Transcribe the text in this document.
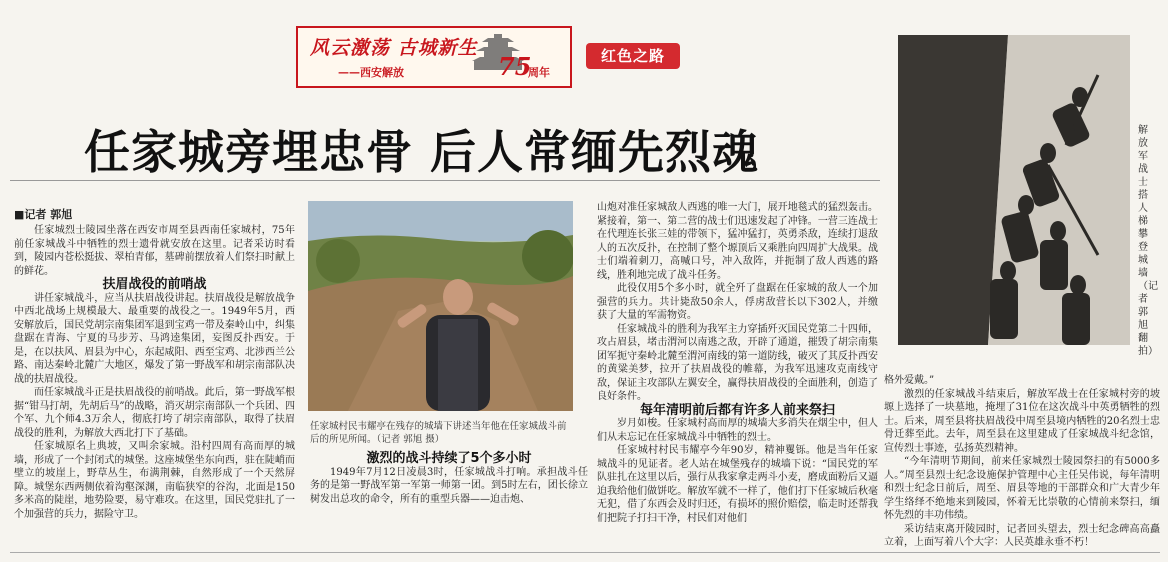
风云激荡 古城新生
——西安解放	75
周年
红色之路
任家城旁埋忠骨 后人常缅先烈魂
■记者 郭旭

任家城烈士陵园坐落在西安市周至县西南任家城村，75年前任家城战斗中牺牲的烈士遗骨就安放在这里。记者采访时看到，陵园内苍松挺拔、翠柏青郁，墓碑前摆放着人们祭扫时献上的鲜花。

扶眉战役的前哨战

讲任家城战斗，应当从扶眉战役讲起。扶眉战役是解放战争中西北战场上规模最大、最重要的战役之一。1949年5月，西安解放后，国民党胡宗南集团军退到宝鸡一带及秦岭山中，纠集盘踞在青海、宁夏的马步芳、马鸿逵集团，妄图反扑西安。于是，在以扶风、眉县为中心，东起咸阳、西至宝鸡、北涉西兰公路、南达秦岭北麓广大地区，爆发了第一野战军和胡宗南部队决战的扶眉战役。

而任家城战斗正是扶眉战役的前哨战。此后，第一野战军根据“钳马打胡，先胡后马”的战略，消灭胡宗南部队一个兵团、四个军、九个师4.3万余人，彻底打垮了胡宗南部队，取得了扶眉战役的胜利，为解放大西北打下了基础。

任家城原名上典坡，又叫余家城。沿村四周有高而厚的城墙，形成了一个封闭式的城堡。这座城堡坐东向西，驻在陡峭而壁立的坡崖上，野草丛生，布满荆棘，自然形成了一个天然屏障。城堡东西两侧依着沟壑深渊，南临狭窄的谷沟，北面是150多米高的陡崖，地势险要，易守难攻。在这里，国民党驻扎了一个加强营的兵力，据险守卫。

任家城村民韦耀亭在残存的城墙下讲述当年他在任家城战斗前后的所见所闻。（记者 郭旭 摄）

激烈的战斗持续了5个多小时

1949年7月12日凌晨3时，任家城战斗打响。承担战斗任务的是第一野战军第一军第一师第一团。到5时左右，团长徐立树发出总攻的命令，所有的重型兵器——迫击炮、

山炮对准任家城敌人西逃的唯一大门，展开地毯式的猛烈轰击。紧接着，第一、第二营的战士们迅速发起了冲锋。一营三连战士在代理连长张三娃的带领下，猛冲猛打，英勇杀敌，连续打退敌人的五次反扑，在控制了整个塬顶后又乘胜向四周扩大战果。战士们端着刺刀，高喊口号，冲入敌阵，并扼制了敌人西逃的路线，胜利地完成了战斗任务。

此役仅用5个多小时，就全歼了盘踞在任家城的敌人一个加强营的兵力。共计毙敌50余人，俘虏敌营长以下302人，并缴获了大量的军需物资。

任家城战斗的胜利为我军主力穿插歼灭国民党第二十四师，攻占眉县，堵击渭河以南逃之敌，开辟了通道，摧毁了胡宗南集团军扼守秦岭北麓至渭河南线的第一道防线，破灭了其反扑西安的黄粱美梦，拉开了扶眉战役的帷幕，为我军迅速攻克南线守敌，保证主攻部队左翼安全，赢得扶眉战役的全面胜利，创造了良好条件。

每年清明前后都有许多人前来祭扫

岁月如梭。任家城村高而厚的城墙大多消失在烟尘中，但人们从未忘记在任家城战斗中牺牲的烈士。

任家城村村民韦耀亭今年90岁，精神矍铄。他是当年任家城战斗的见证者。老人站在城堡残存的城墙下说：“国民党的军队驻扎在这里以后，强行从我家拿走两斗小麦，磨成面粉后又逼迫我给他们做饼吃。解放军就不一样了，他们打下任家城后秋毫无犯，借了东西会及时归还，有损坏的照价赔偿，临走时还帮我们把院子打扫干净，村民们对他们

解放军战士搭人梯攀登城墙（记者 郭旭 翻拍）

格外爱戴。”

激烈的任家城战斗结束后，解放军战士在任家城村旁的坡塬上选择了一块墓地，掩埋了31位在这次战斗中英勇牺牲的烈士。后来，周至县将扶眉战役中周至县境内牺牲的20名烈士忠骨迁葬至此。去年，周至县在这里建成了任家城战斗纪念馆，宣传烈士事迹，弘扬英烈精神。

“今年清明节期间，前来任家城烈士陵园祭扫的有5000多人。”周至县烈士纪念设施保护管理中心主任吴伟说，每年清明和烈士纪念日前后，周至、眉县等地的干部群众和广大青少年学生络绎不绝地来到陵园，怀着无比崇敬的心情前来祭扫，缅怀先烈的丰功伟绩。

采访结束离开陵园时，记者回头望去，烈士纪念碑高高矗立着，上面写着八个大字：人民英雄永垂不朽！
